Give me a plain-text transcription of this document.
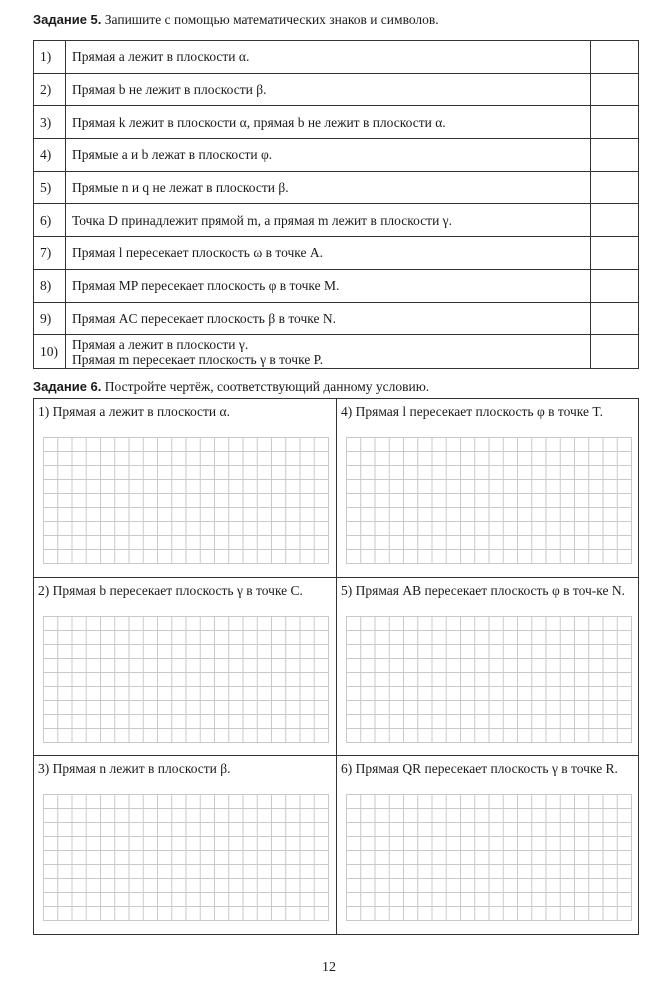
Задание 5. Запишите с помощью математических знаков и символов.
1)	Прямая a лежит в плоскости α.	
2)	Прямая b не лежит в плоскости β.	
3)	Прямая k лежит в плоскости α, прямая b не лежит в плоскости α.	
4)	Прямые a и b лежат в плоскости φ.	
5)	Прямые n и q не лежат в плоскости β.	
6)	Точка D принадлежит прямой m, а прямая m лежит в плоскости γ.	
7)	Прямая l пересекает плоскость ω в точке A.	
8)	Прямая MP пересекает плоскость φ в точке M.	
9)	Прямая AC пересекает плоскость β в точке N.	
10)	Прямая a лежит в плоскости γ.
Прямая m пересекает плоскость γ в точке P.	

Задание 6. Постройте чертёж, соответствующий данному условию.
1) Прямая a лежит в плоскости α.	4) Прямая l пересекает плоскость φ в точке T.
2) Прямая b пересекает плоскость γ в точке C.	5) Прямая AB пересекает плоскость φ в точ-ке N.
3) Прямая n лежит в плоскости β.	6) Прямая QR пересекает плоскость γ в точке R.
12
